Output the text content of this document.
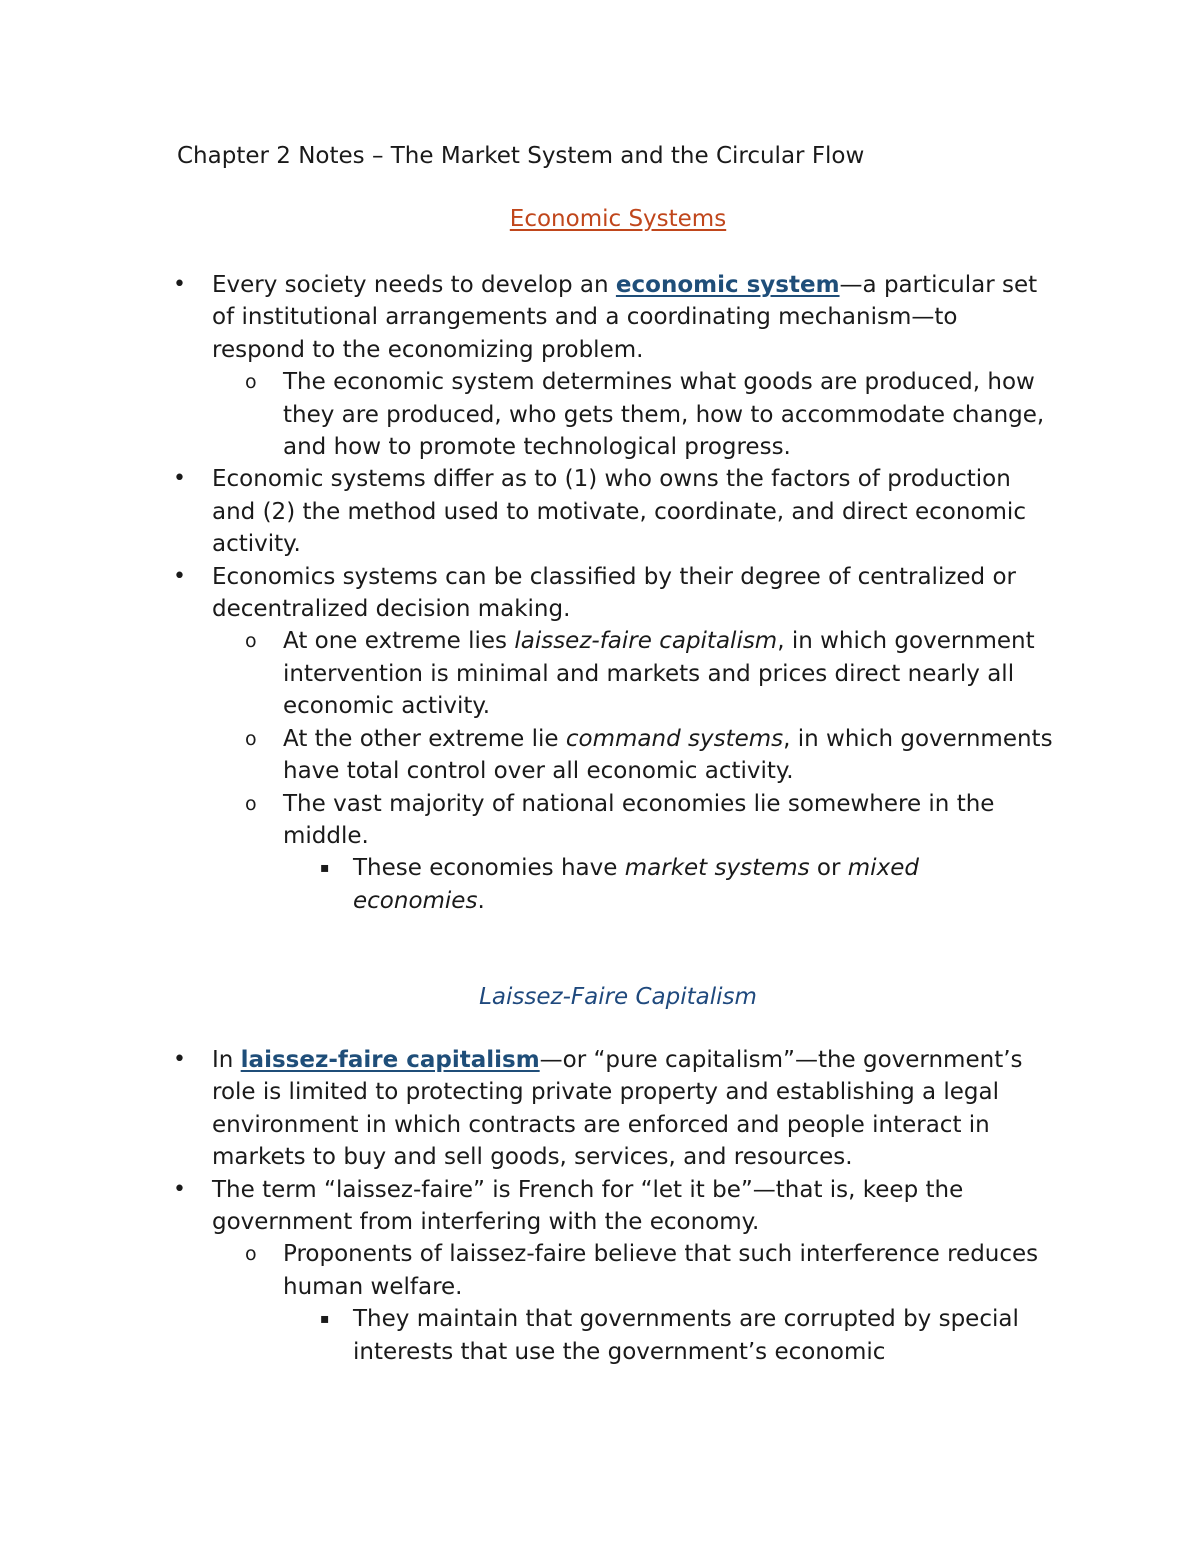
Chapter 2 Notes – The Market System and the Circular Flow
Economic Systems
• Every society needs to develop an economic system—a particular set of institutional arrangements and a coordinating mechanism—to respond to the economizing problem.
o The economic system determines what goods are produced, how they are produced, who gets them, how to accommodate change, and how to promote technological progress.
• Economic systems differ as to (1) who owns the factors of production and (2) the method used to motivate, coordinate, and direct economic activity.
• Economics systems can be classified by their degree of centralized or decentralized decision making.
o At one extreme lies laissez-faire capitalism, in which government intervention is minimal and markets and prices direct nearly all economic activity.
o At the other extreme lie command systems, in which governments have total control over all economic activity.
o The vast majority of national economies lie somewhere in the middle.
▪ These economies have market systems or mixed economies.
Laissez-Faire Capitalism
• In laissez-faire capitalism—or “pure capitalism”—the government’s role is limited to protecting private property and establishing a legal environment in which contracts are enforced and people interact in markets to buy and sell goods, services, and resources.
• The term “laissez-faire” is French for “let it be”—that is, keep the government from interfering with the economy.
o Proponents of laissez-faire believe that such interference reduces human welfare.
▪ They maintain that governments are corrupted by special interests that use the government’s economic
